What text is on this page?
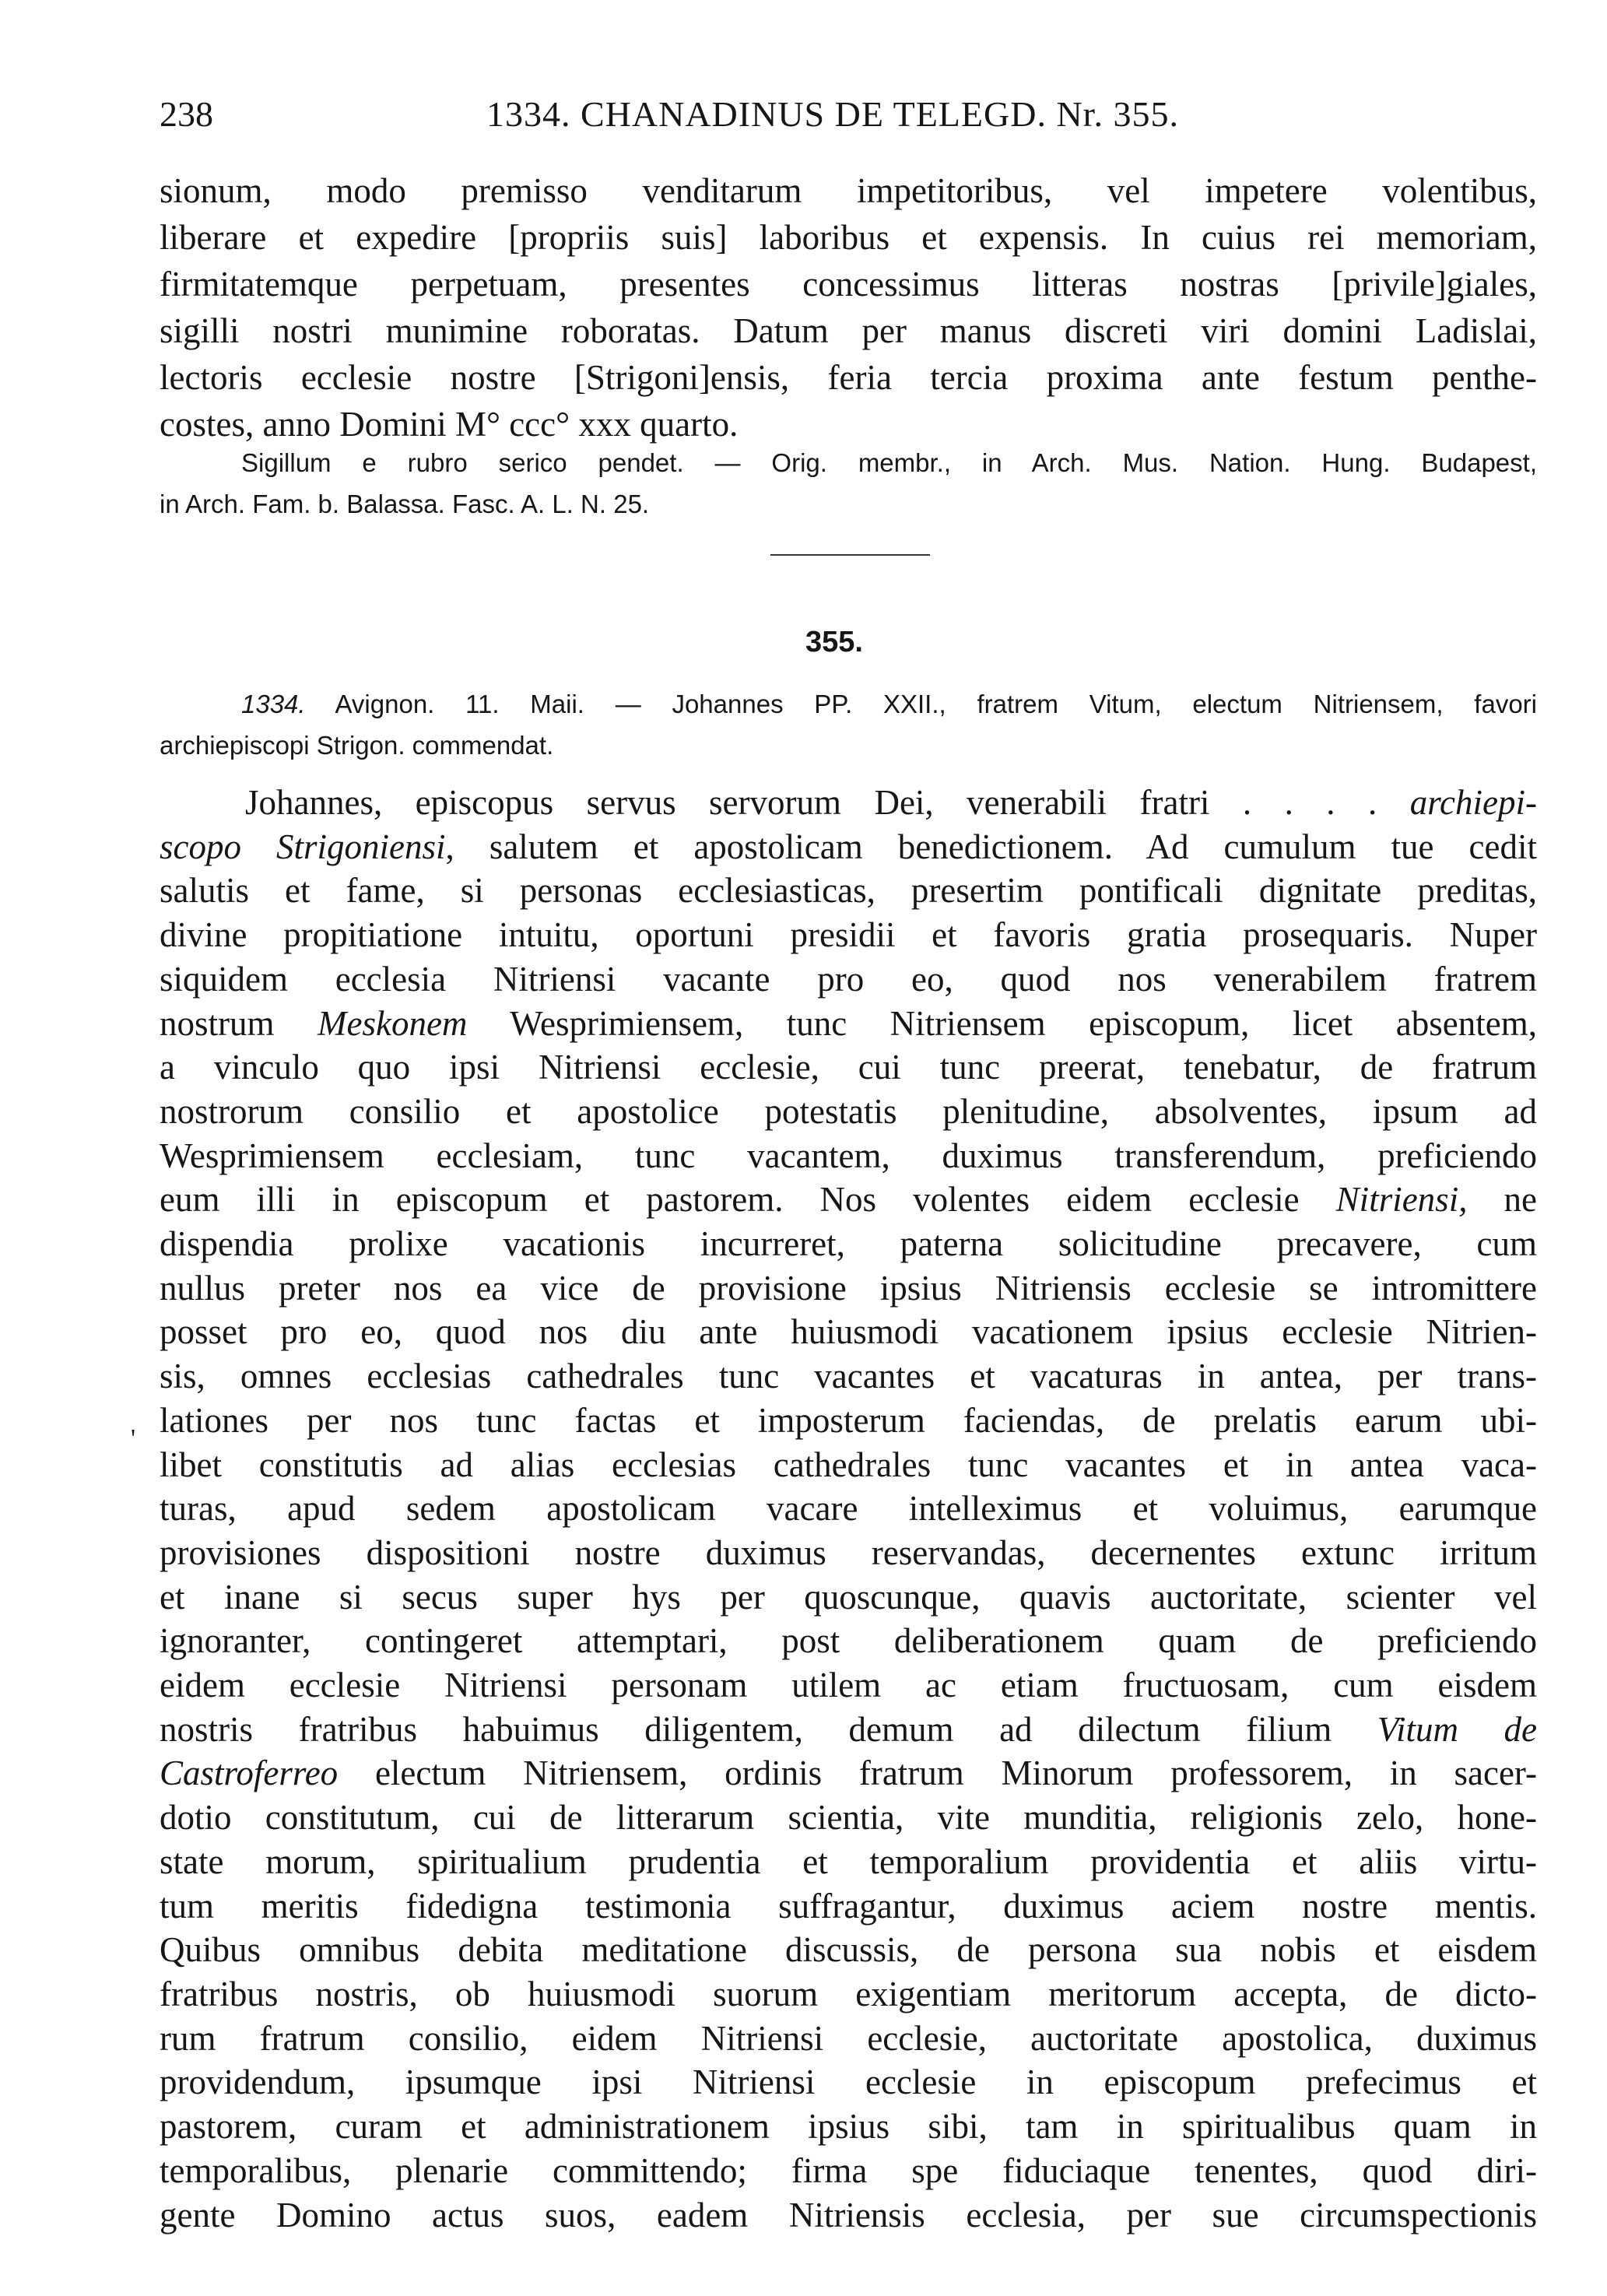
238	1334. CHANADINUS DE TELEGD. Nr. 355.

sionum, modo premisso venditarum impetitoribus, vel impetere volentibus,

liberare et expedire [propriis suis] laboribus et expensis. In cuius rei memoriam,

firmitatemque perpetuam, presentes concessimus litteras nostras [privile]giales,

sigilli nostri munimine roboratas. Datum per manus discreti viri domini Ladislai,

lectoris ecclesie nostre [Strigoni]ensis, feria tercia proxima ante festum penthe-

costes, anno Domini M° ccc° xxx quarto.

Sigillum e rubro serico pendet. — Orig. membr., in Arch. Mus. Nation. Hung. Budapest,

in Arch. Fam. b. Balassa. Fasc. A. L. N. 25.

355.

1334. Avignon. 11. Maii. — Johannes PP. XXII., fratrem Vitum, electum Nitriensem, favori

archiepiscopi Strigon. commendat.

Johannes, episcopus servus servorum Dei, venerabili fratri . . . . archiepi-

scopo Strigoniensi, salutem et apostolicam benedictionem. Ad cumulum tue cedit

salutis et fame, si personas ecclesiasticas, presertim pontificali dignitate preditas,

divine propitiatione intuitu, oportuni presidii et favoris gratia prosequaris. Nuper

siquidem ecclesia Nitriensi vacante pro eo, quod nos venerabilem fratrem

nostrum Meskonem Wesprimiensem, tunc Nitriensem episcopum, licet absentem,

a vinculo quo ipsi Nitriensi ecclesie, cui tunc preerat, tenebatur, de fratrum

nostrorum consilio et apostolice potestatis plenitudine, absolventes, ipsum ad

Wesprimiensem ecclesiam, tunc vacantem, duximus transferendum, preficiendo

eum illi in episcopum et pastorem. Nos volentes eidem ecclesie Nitriensi, ne

dispendia prolixe vacationis incurreret, paterna solicitudine precavere, cum

nullus preter nos ea vice de provisione ipsius Nitriensis ecclesie se intromittere

posset pro eo, quod nos diu ante huiusmodi vacationem ipsius ecclesie Nitrien-

sis, omnes ecclesias cathedrales tunc vacantes et vacaturas in antea, per trans-

lationes per nos tunc factas et imposterum faciendas, de prelatis earum ubi-

libet constitutis ad alias ecclesias cathedrales tunc vacantes et in antea vaca-

turas, apud sedem apostolicam vacare intelleximus et voluimus, earumque

provisiones dispositioni nostre duximus reservandas, decernentes extunc irritum

et inane si secus super hys per quoscunque, quavis auctoritate, scienter vel

ignoranter, contingeret attemptari, post deliberationem quam de preficiendo

eidem ecclesie Nitriensi personam utilem ac etiam fructuosam, cum eisdem

nostris fratribus habuimus diligentem, demum ad dilectum filium Vitum de

Castroferreo electum Nitriensem, ordinis fratrum Minorum professorem, in sacer-

dotio constitutum, cui de litterarum scientia, vite munditia, religionis zelo, hone-

state morum, spiritualium prudentia et temporalium providentia et aliis virtu-

tum meritis fidedigna testimonia suffragantur, duximus aciem nostre mentis.

Quibus omnibus debita meditatione discussis, de persona sua nobis et eisdem

fratribus nostris, ob huiusmodi suorum exigentiam meritorum accepta, de dicto-

rum fratrum consilio, eidem Nitriensi ecclesie, auctoritate apostolica, duximus

providendum, ipsumque ipsi Nitriensi ecclesie in episcopum prefecimus et

pastorem, curam et administrationem ipsius sibi, tam in spiritualibus quam in

temporalibus, plenarie committendo; firma spe fiduciaque tenentes, quod diri-

gente Domino actus suos, eadem Nitriensis ecclesia, per sue circumspectionis

'
